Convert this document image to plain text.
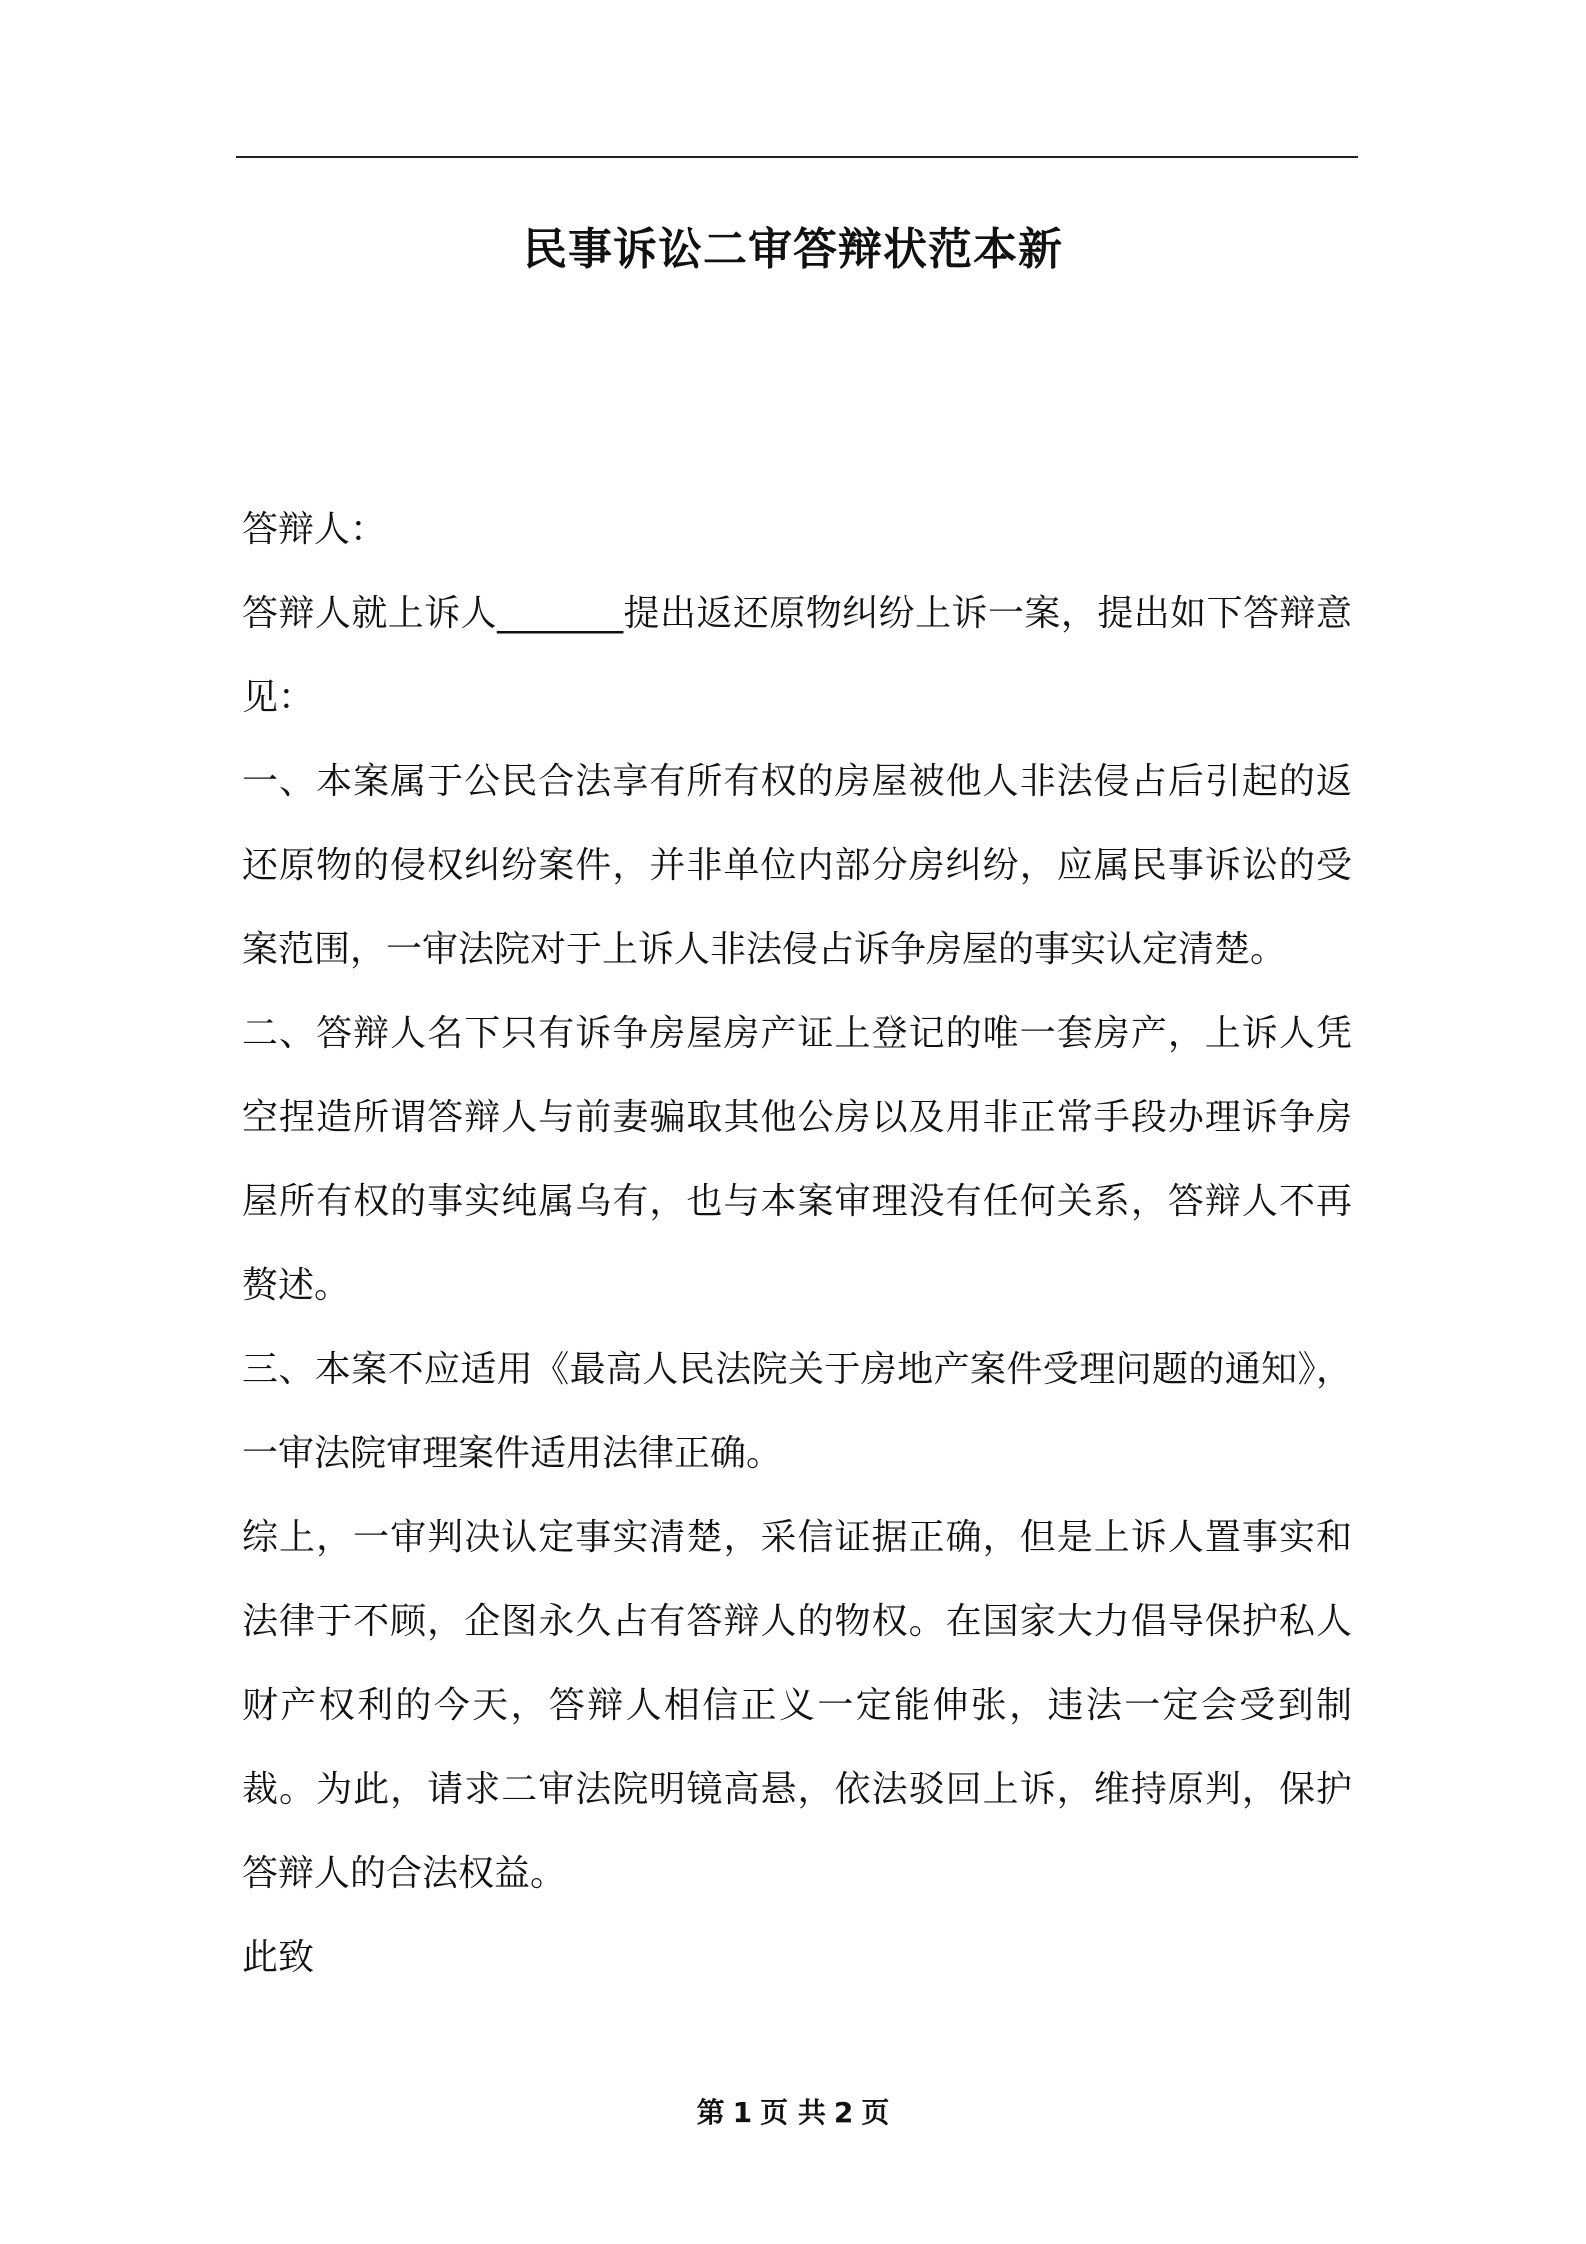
民事诉讼二审答辩状范本新

答辩人：

答辩人就上诉人_______提出返还原物纠纷上诉一案，提出如下答辩意见：

一、本案属于公民合法享有所有权的房屋被他人非法侵占后引起的返还原物的侵权纠纷案件，并非单位内部分房纠纷，应属民事诉讼的受案范围，一审法院对于上诉人非法侵占诉争房屋的事实认定清楚。

二、答辩人名下只有诉争房屋房产证上登记的唯一套房产，上诉人凭空捏造所谓答辩人与前妻骗取其他公房以及用非正常手段办理诉争房屋所有权的事实纯属乌有，也与本案审理没有任何关系，答辩人不再赘述。

三、本案不应适用《最高人民法院关于房地产案件受理问题的通知》，一审法院审理案件适用法律正确。

综上，一审判决认定事实清楚，采信证据正确，但是上诉人置事实和法律于不顾，企图永久占有答辩人的物权。在国家大力倡导保护私人财产权利的今天，答辩人相信正义一定能伸张，违法一定会受到制裁。为此，请求二审法院明镜高悬，依法驳回上诉，维持原判，保护答辩人的合法权益。

此致

第 1 页 共 2 页
